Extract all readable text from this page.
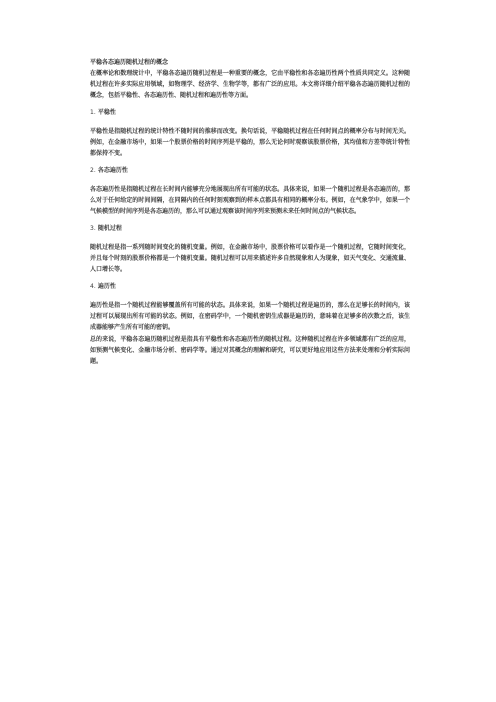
平稳各态遍历随机过程的概念

在概率论和数理统计中，平稳各态遍历随机过程是一种重要的概念，它由平稳性和各态遍历性两个性质共同定义。这种随机过程在许多实际应用领域，如物理学、经济学、生物学等，都有广泛的应用。本文将详细介绍平稳各态遍历随机过程的概念，包括平稳性、各态遍历性、随机过程和遍历性等方面。

1. 平稳性

平稳性是指随机过程的统计特性不随时间的推移而改变。换句话说，平稳随机过程在任何时间点的概率分布与时间无关。例如，在金融市场中，如果一个股票价格的时间序列是平稳的，那么无论何时观察该股票价格，其均值和方差等统计特性都保持不变。

2. 各态遍历性

各态遍历性是指随机过程在长时间内能够充分地展现出所有可能的状态。具体来说，如果一个随机过程是各态遍历的，那么对于任何给定的时间间隔，在同隔内的任何时刻观察到的样本点都具有相同的概率分布。例如，在气象学中，如果一个气候模型的时间序列是各态遍历的，那么可以通过观察该时间序列来预测未来任何时间点的气候状态。

3. 随机过程

随机过程是指一系列随时间变化的随机变量。例如，在金融市场中，股票价格可以看作是一个随机过程，它随时间变化，并且每个时刻的股票价格都是一个随机变量。随机过程可以用来描述许多自然现象和人为现象，如天气变化、交通流量、人口增长等。

4. 遍历性

遍历性是指一个随机过程能够覆盖所有可能的状态。具体来说，如果一个随机过程是遍历的，那么在足够长的时间内，该过程可以展现出所有可能的状态。例如，在密码学中，一个随机密钥生成器是遍历的，意味着在足够多的次数之后，该生成器能够产生所有可能的密钥。

总的来说，平稳各态遍历随机过程是指具有平稳性和各态遍历性的随机过程。这种随机过程在许多领域都有广泛的应用，如预测气候变化、金融市场分析、密码学等。通过对其概念的理解和研究，可以更好地应用这些方法来处理和分析实际问题。
